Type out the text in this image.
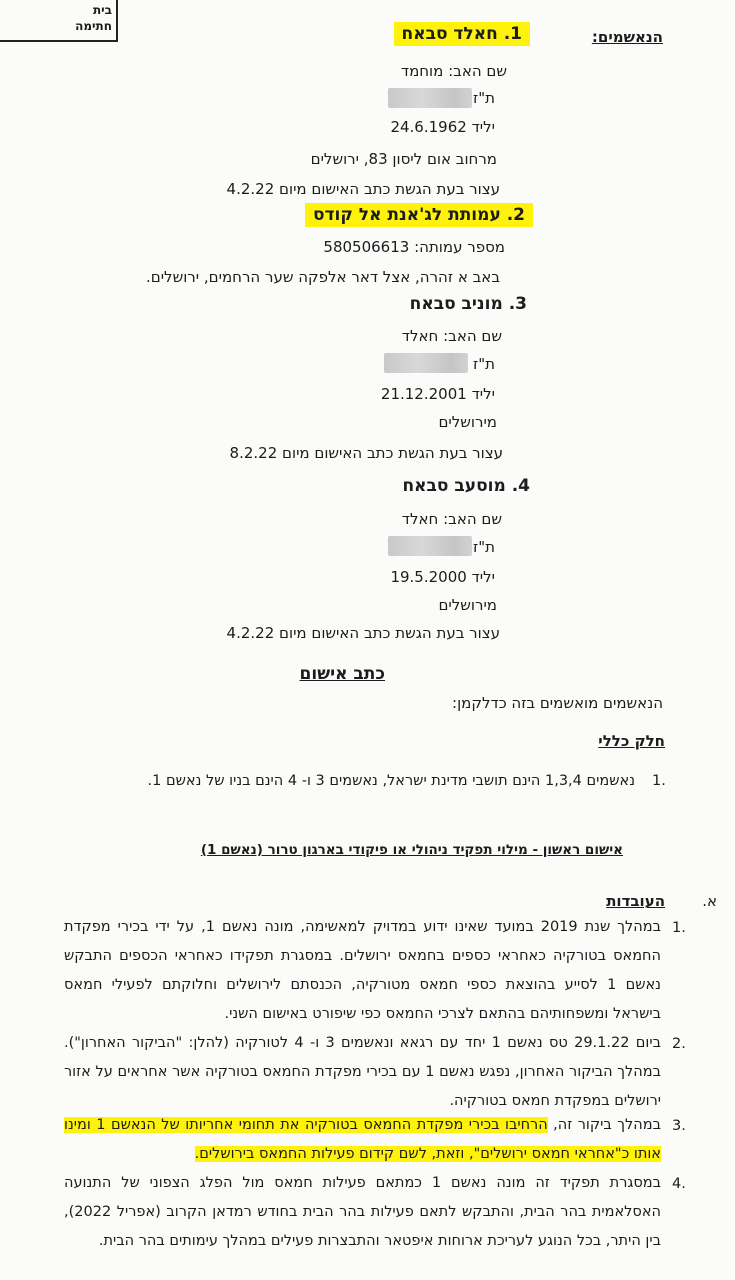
בית
חתימה
הנאשמים:
1. חאלד סבאח
שם האב: מוחמד
ת"ז
יליד 24.6.1962
מרחוב אום ליסון 83, ירושלים
עצור בעת הגשת כתב האישום מיום 4.2.22
2. עמותת לג'אנת אל קודס
מספר עמותה: 580506613
באב א זהרה, אצל דאר אלפקה שער הרחמים, ירושלים.
3. מוניב סבאח
שם האב: חאלד
ת"ז
יליד 21.12.2001
מירושלים
עצור בעת הגשת כתב האישום מיום 8.2.22
4. מוסעב סבאח
שם האב: חאלד
ת"ז
יליד 19.5.2000
מירושלים
עצור בעת הגשת כתב האישום מיום 4.2.22
כתב אישום
הנאשמים מואשמים בזה כדלקמן:
חלק כללי
1.
נאשמים 1,3,4 הינם תושבי מדינת ישראל, נאשמים 3 ו- 4 הינם בניו של נאשם 1.
אישום ראשון - מילוי תפקיד ניהולי או פיקודי בארגון טרור (נאשם 1)
א.
העובדות
1.
במהלך שנת 2019 במועד שאינו ידוע במדויק למאשימה, מונה נאשם 1, על ידי בכירי מפקדת החמאס בטורקיה כאחראי כספים בחמאס ירושלים. במסגרת תפקידו כאחראי הכספים התבקש נאשם 1 לסייע בהוצאת כספי חמאס מטורקיה, הכנסתם לירושלים וחלוקתם לפעילי חמאס בישראל ומשפחותיהם בהתאם לצרכי החמאס כפי שיפורט באישום השני.
2.
ביום 29.1.22 טס נאשם 1 יחד עם רגאא ונאשמים 3 ו- 4 לטורקיה (להלן: "הביקור האחרון"). במהלך הביקור האחרון, נפגש נאשם 1 עם בכירי מפקדת החמאס בטורקיה אשר אחראים על אזור ירושלים במפקדת חמאס בטורקיה.
3.
במהלך ביקור זה, הרחיבו בכירי מפקדת החמאס בטורקיה את תחומי אחריותו של הנאשם 1 ומינו אותו כ"אחראי חמאס ירושלים", וזאת, לשם קידום פעילות החמאס בירושלים.
4.
במסגרת תפקיד זה מונה נאשם 1 כמתאם פעילות חמאס מול הפלג הצפוני של התנועה האסלאמית בהר הבית, והתבקש לתאם פעילות בהר הבית בחודש רמדאן הקרוב (אפריל 2022), בין היתר, בכל הנוגע לעריכת ארוחות איפטאר והתבצרות פעילים במהלך עימותים בהר הבית.
